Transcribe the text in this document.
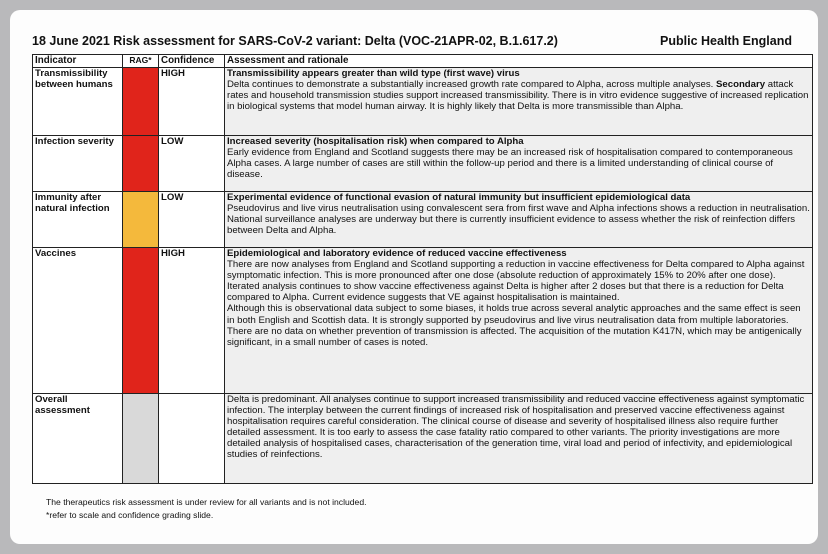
18 June 2021 Risk assessment for SARS-CoV-2 variant: Delta (VOC-21APR-02, B.1.617.2)	Public Health England
Indicator	RAG*	Confidence	Assessment and rationale
Transmissibility between humans		HIGH	Transmissibility appears greater than wild type (first wave) virus
Delta continues to demonstrate a substantially increased growth rate compared to Alpha, across multiple analyses. Secondary attack rates and household transmission studies support increased transmissibility. There is in vitro evidence suggestive of increased replication in biological systems that model human airway. It is highly likely that Delta is more transmissible than Alpha.

Infection severity		LOW	Increased severity (hospitalisation risk) when compared to Alpha
Early evidence from England and Scotland suggests there may be an increased risk of hospitalisation compared to contemporaneous Alpha cases. A large number of cases are still within the follow-up period and there is a limited understanding of clinical course of disease.

Immunity after natural infection		LOW	Experimental evidence of functional evasion of natural immunity but insufficient epidemiological data
Pseudovirus and live virus neutralisation using convalescent sera from first wave and Alpha infections shows a reduction in neutralisation. National surveillance analyses are underway but there is currently insufficient evidence to assess whether the risk of reinfection differs between Delta and Alpha.

Vaccines		HIGH	Epidemiological and laboratory evidence of reduced vaccine effectiveness
There are now analyses from England and Scotland supporting a reduction in vaccine effectiveness for Delta compared to Alpha against symptomatic infection. This is more pronounced after one dose (absolute reduction of approximately 15% to 20% after one dose). Iterated analysis continues to show vaccine effectiveness against Delta is higher after 2 doses but that there is a reduction for Delta compared to Alpha. Current evidence suggests that VE against hospitalisation is maintained.
Although this is observational data subject to some biases, it holds true across several analytic approaches and the same effect is seen in both English and Scottish data. It is strongly supported by pseudovirus and live virus neutralisation data from multiple laboratories. There are no data on whether prevention of transmission is affected. The acquisition of the mutation K417N, which may be antigenically significant, in a small number of cases is noted.

Overall assessment			Delta is predominant. All analyses continue to support increased transmissibility and reduced vaccine effectiveness against symptomatic infection. The interplay between the current findings of increased risk of hospitalisation and preserved vaccine effectiveness against hospitalisation requires careful consideration. The clinical course of disease and severity of hospitalised illness also require further detailed assessment. It is too early to assess the case fatality ratio compared to other variants. The priority investigations are more detailed analysis of hospitalised cases, characterisation of the generation time, viral load and period of infectivity, and epidemiological studies of reinfections.
The therapeutics risk assessment is under review for all variants and is not included.
*refer to scale and confidence grading slide.
